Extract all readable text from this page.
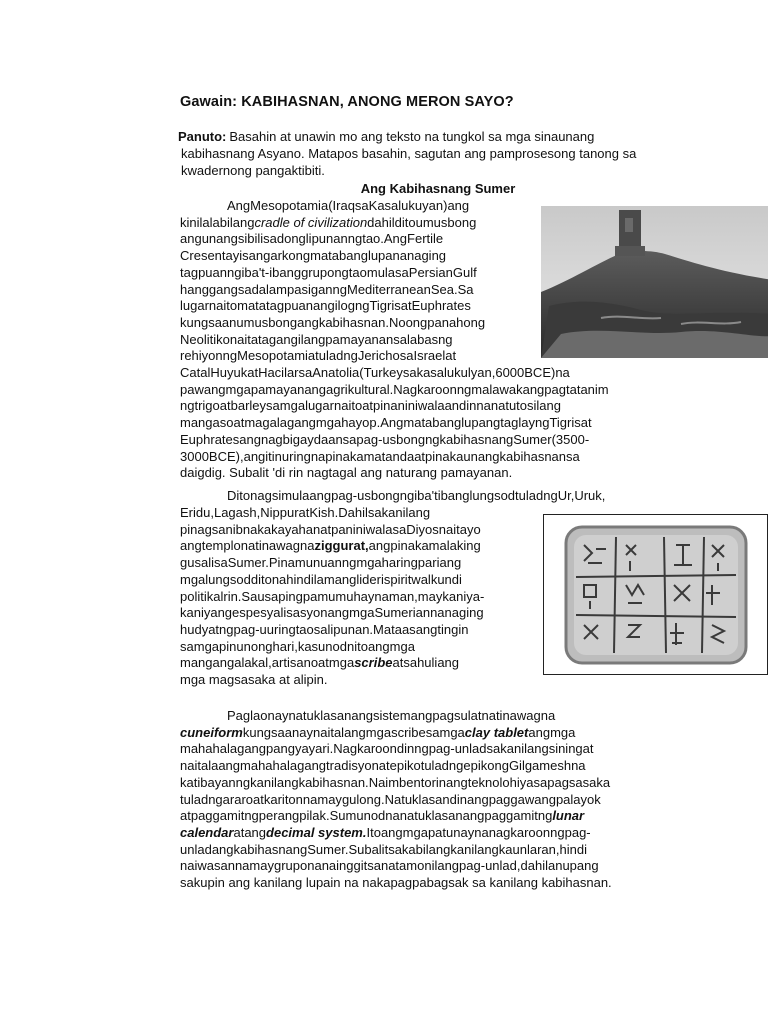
Gawain: KABIHASNAN, ANONG MERON SAYO?
Panuto: Basahin at unawin mo ang teksto na tungkol sa mga sinaunang
kabihasnang Asyano. Matapos basahin, sagutan ang pamprosesong tanong sa
kwadernong pangaktibiti.
Ang Kabihasnang Sumer
AngMesopotamia(IraqsaKasalukuyan)ang
kinilalabilangcradle of civilizationdahilditoumusbong
angunangsibilisadonglipunanngtao.AngFertile
Cresentayisangarkongmatabanglupananaging
tagpuanngiba't-ibanggrupongtaomulasaPersianGulf
hanggangsadalampasiganngMediterraneanSea.Sa
lugarnaitomatatagpuanangilogngTigrisatEuphrates
kungsaanumusbongangkabihasnan.Noongpanahong
Neolitikonaitatagangilangpamayanansalabasng
rehiyonngMesopotamiatuladngJerichosaIsraelat
CatalHuyukatHacilarsaAnatolia(Turkeysakasalukulyan,6000BCE)na
pawangmgapamayanangagrikultural.Nagkaroonngmalawakangpagtatanim
ngtrigoatbarleysamgalugarnaitoatpinaniniwalaandinnanatutosilang
mangasoatmagalagangmgahayop.AngmatabanglupangtaglayngTigrisat
Euphratesangnagbigaydaansapag-usbongngkabihasnangSumer(3500-
3000BCE),angitinuringnapinakamatandaatpinakaunangkabihasnansa
daigdig. Subalit 'di rin nagtagal ang naturang pamayanan.
Ditonagsimulaangpag-usbongngiba'tibanglungsodtuladngUr,Uruk,
Eridu,Lagash,NippuratKish.Dahilsakanilang
pinagsanibnakakayahanatpaniniwalasaDiyosnaitayo
angtemplonatinawagnaziggurat,angpinakamalaking
gusalisaSumer.Pinamunuanngmgaharingpariang
mgalungsodditonahindilamangliderispiritwalkundi
politikalrin.Sausapingpamumuhaynaman,maykaniya-
kaniyangespesyalisasyonangmgaSumeriannanaging
hudyatngpag-uuringtaosalipunan.Mataasangtingin
samgapinunonghari,kasunodnitoangmga
mangangalakal,artisanoatmgascribeatsahuliang
mga magsasaka at alipin.
Paglaonaynatuklasanangsistemangpagsulatnatinawagna
cuneiformkungsaanaynaitalangmgascribesamgaclay tabletangmga
mahahalagangpangyayari.Nagkaroondinngpag-unladsakanilangsiningat
naitalaangmahahalagangtradisyonatepikotuladngepikongGilgameshna
katibayanngkanilangkabihasnan.Naimbentorinangteknolohiyasapagsasaka
tuladngararoatkaritonnamaygulong.Natuklasandinangpaggawangpalayok
atpaggamitngperangpilak.Sumunodnanatuklasanangpaggamitnglunar
calendaratangdecimal system.Itoangmgapatunaynanagkaroonngpag-
unladangkabihasnangSumer.Subalitsakabilangkanilangkaunlaran,hindi
naiwasannamaygruponanainggitsanatamonilangpag-unlad,dahilanupang
sakupin ang kanilang lupain na nakapagpabagsak sa kanilang kabihasnan.
